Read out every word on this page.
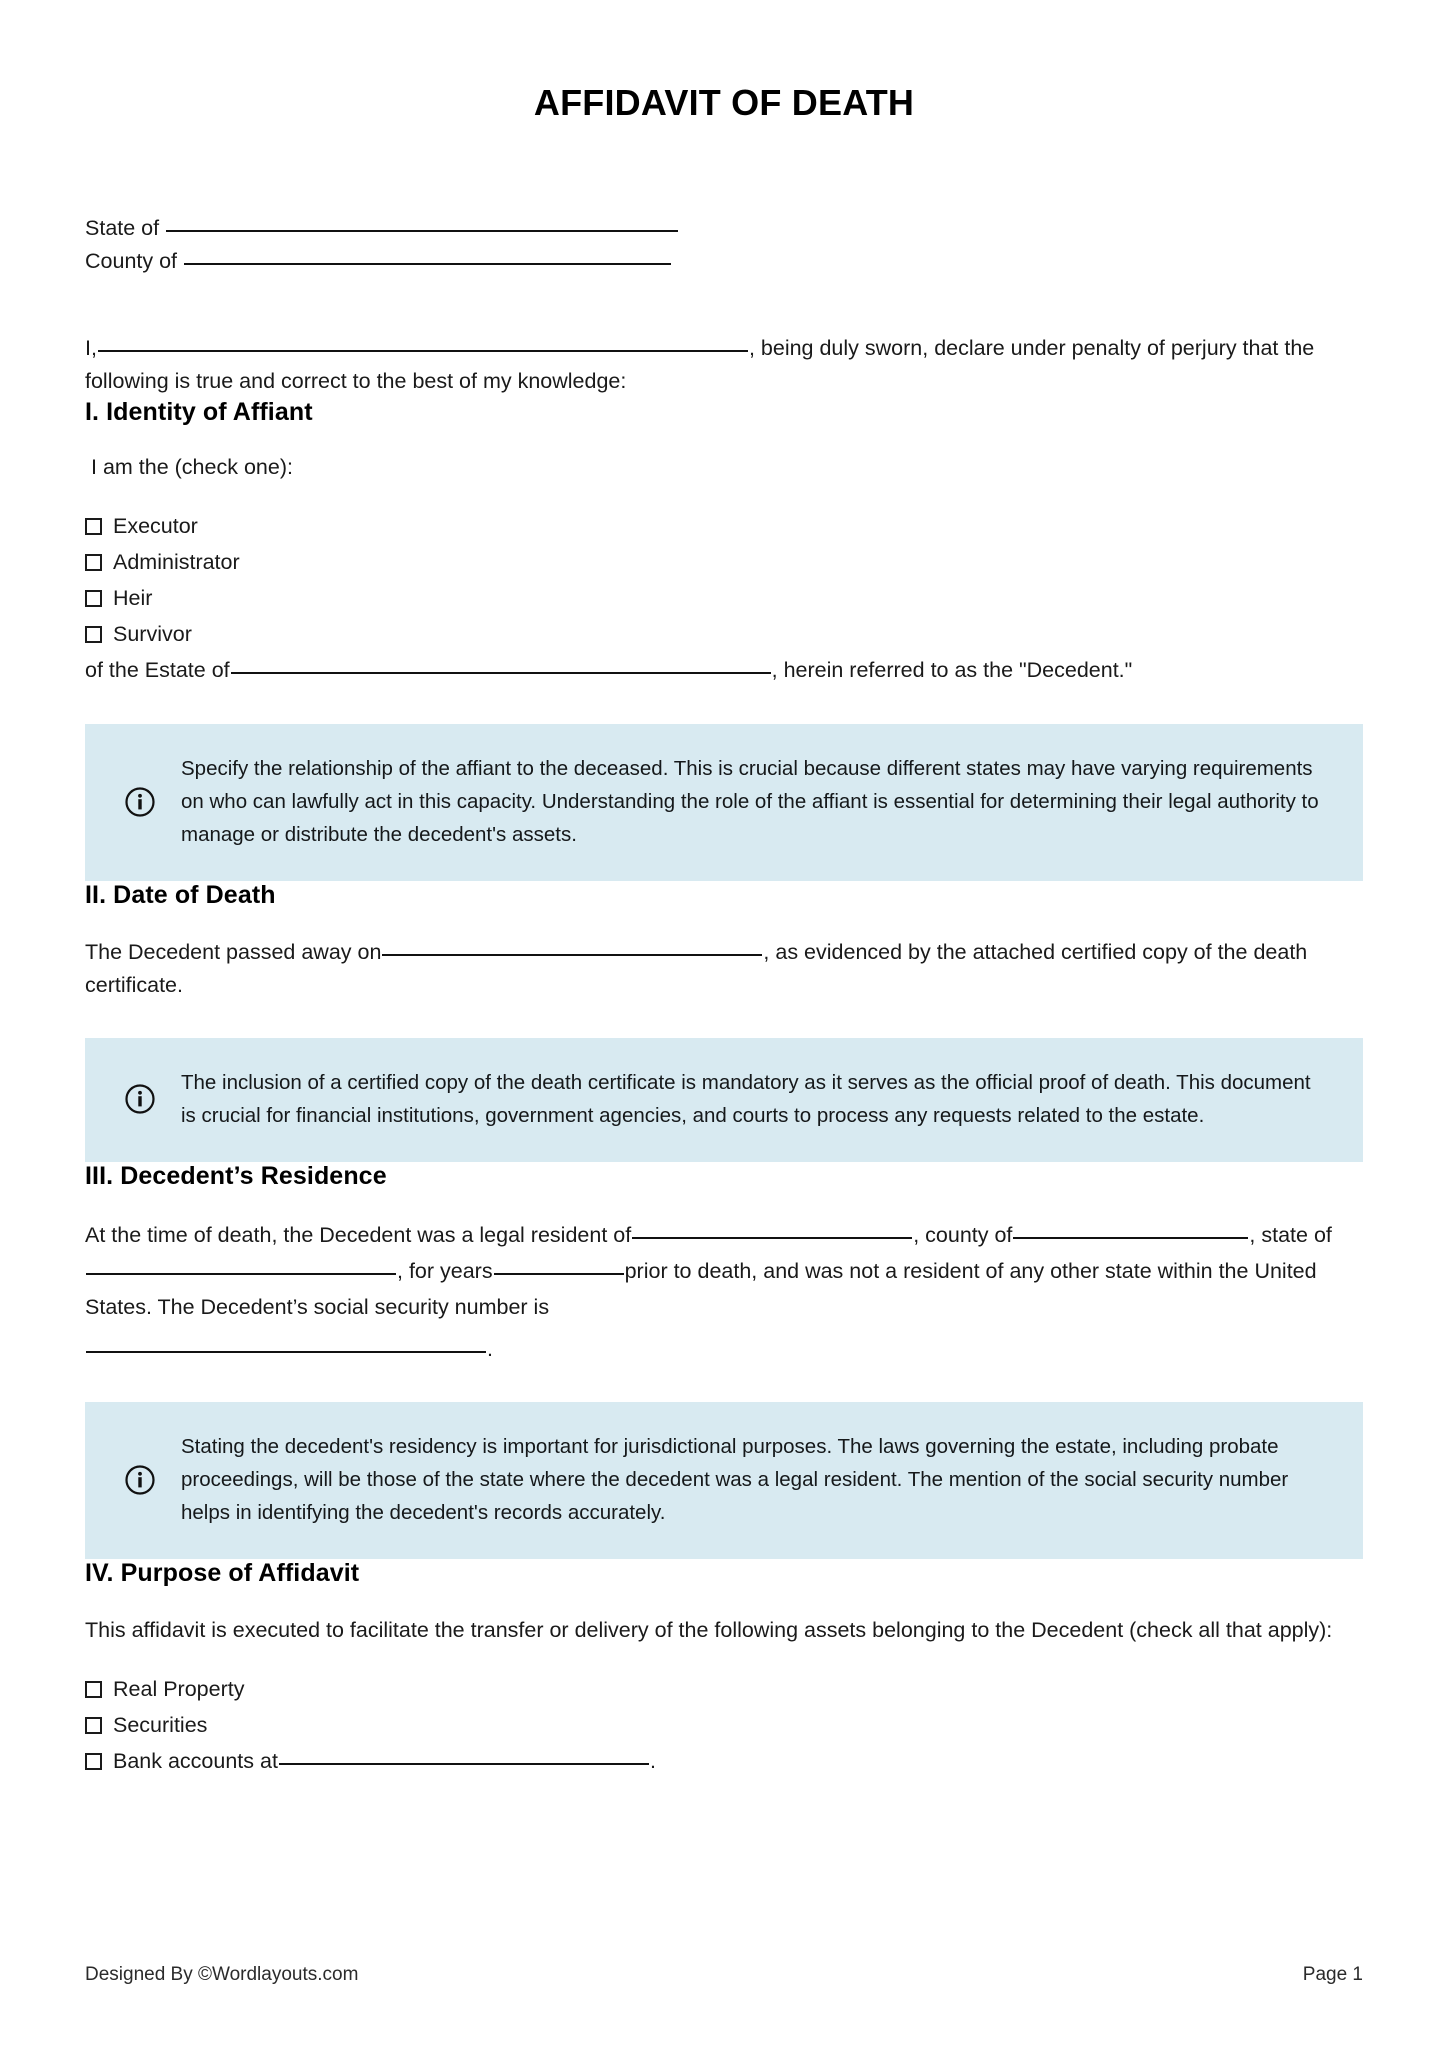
AFFIDAVIT OF DEATH
State of
County of
I,	, being duly sworn, declare under penalty of perjury that the following is true and correct to the best of my knowledge:
I. Identity of Affiant
I am the (check one):
Executor
Administrator
Heir
Survivor
of the Estate of	, herein referred to as the "Decedent."
Specify the relationship of the affiant to the deceased. This is crucial because different states may have varying requirements on who can lawfully act in this capacity. Understanding the role of the affiant is essential for determining their legal authority to manage or distribute the decedent's assets.
II. Date of Death
The Decedent passed away on	, as evidenced by the attached certified copy of the death certificate.
The inclusion of a certified copy of the death certificate is mandatory as it serves as the official proof of death. This document is crucial for financial institutions, government agencies, and courts to process any requests related to the estate.
III. Decedent’s Residence
At the time of death, the Decedent was a legal resident of	, county of	, state of, for years	prior to death, and was not a resident of any other state within the United States. The Decedent’s social security number is
.
Stating the decedent's residency is important for jurisdictional purposes. The laws governing the estate, including probate proceedings, will be those of the state where the decedent was a legal resident. The mention of the social security number helps in identifying the decedent's records accurately.
IV. Purpose of Affidavit
This affidavit is executed to facilitate the transfer or delivery of the following assets belonging to the Decedent (check all that apply):
Real Property
Securities
Bank accounts at	.
Designed By ©Wordlayouts.com	Page 1
